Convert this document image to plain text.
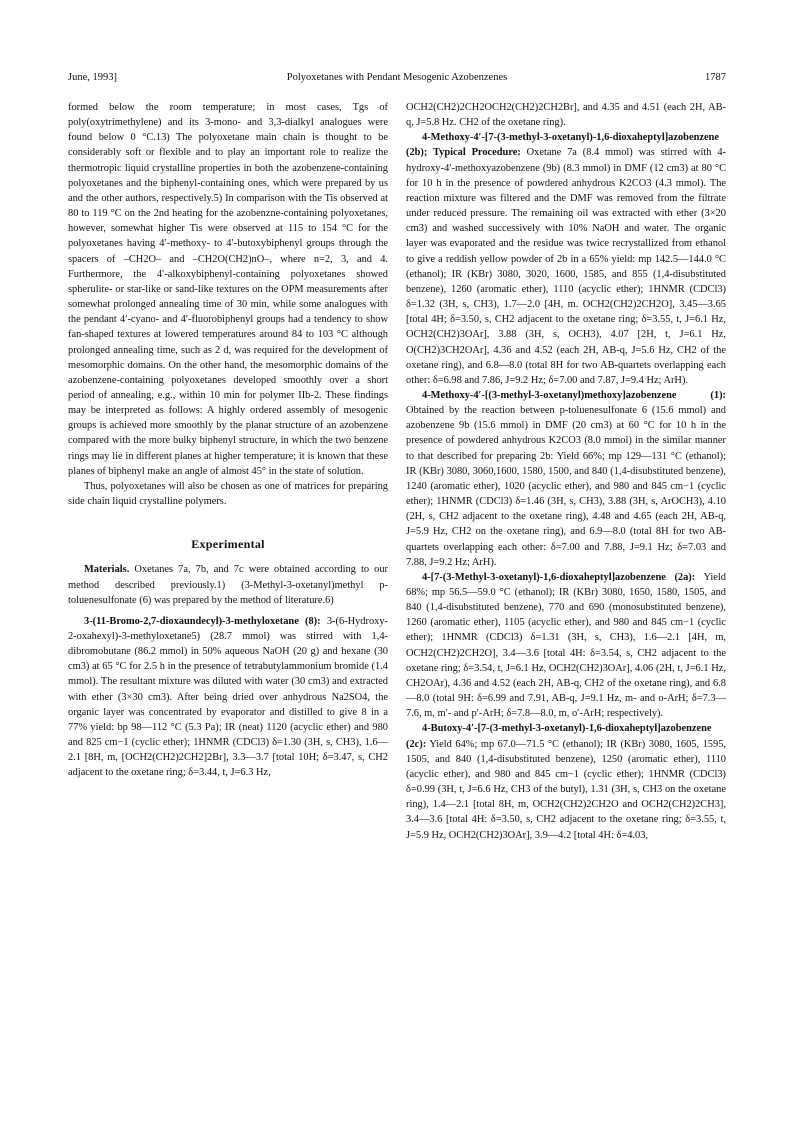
June, 1993]	Polyoxetanes with Pendant Mesogenic Azobenzenes	1787

formed below the room temperature; in most cases, Tgs of poly(oxytrimethylene) and its 3-mono- and 3,3-dialkyl analogues were found below 0 °C.13) The polyoxetane main chain is thought to be considerably soft or flexible and to play an important role to realize the thermotropic liquid crystalline properties in both the azobenzene-containing polyoxetanes and the biphenyl-containing ones, which were prepared by us and the other authors, respectively.5) In comparison with the Tis observed at 80 to 119 °C on the 2nd heating for the azobenzne-containing polyoxetanes, however, somewhat higher Tis were observed at 115 to 154 °C for the polyoxetanes having 4′-methoxy- to 4′-butoxybiphenyl groups through the spacers of –CH2O– and –CH2O(CH2)nO–, where n=2, 3, and 4. Furthermore, the 4′-alkoxybiphenyl-containing polyoxetanes showed spherulite- or star-like or sand-like textures on the OPM measurements after somewhat prolonged annealing time of 30 min, while some analogues with the pendant 4′-cyano- and 4′-fluorobiphenyl groups had a tendency to show fan-shaped textures at lowered temperatures around 84 to 103 °C although prolonged annealing time, such as 2 d, was required for the development of mesomorphic domains. On the other hand, the mesomorphic domains of the azobenzene-containing polyoxetanes developed smoothly over a short period of annealing, e.g., within 10 min for polymer IIb-2. These findings may be interpreted as follows: A highly ordered assembly of mesogenic groups is achieved more smoothly by the planar structure of an azobenzene compared with the more bulky biphenyl structure, in which the two benzene rings may lie in different planes at higher temperature; it is known that these planes of biphenyl make an angle of almost 45° in the state of solution.

Thus, polyoxetanes will also be chosen as one of matrices for preparing side chain liquid crystalline polymers.

Experimental

Materials. Oxetanes 7a, 7b, and 7c were obtained according to our method described previously.1) (3-Methyl-3-oxetanyl)methyl p-toluenesulfonate (6) was prepared by the method of literature.6)

3-(11-Bromo-2,7-dioxaundecyl)-3-methyloxetane (8): 3-(6-Hydroxy-2-oxahexyl)-3-methyloxetane5) (28.7 mmol) was stirred with 1,4-dibromobutane (86.2 mmol) in 50% aqueous NaOH (20 g) and hexane (30 cm3) at 65 °C for 2.5 h in the presence of tetrabutylammonium bromide (1.4 mmol). The resultant mixture was diluted with water (30 cm3) and extracted with ether (3×30 cm3). After being dried over anhydrous Na2SO4, the organic layer was concentrated by evaporator and distilled to give 8 in a 77% yield: bp 98—112 °C (5.3 Pa); IR (neat) 1120 (acyclic ether) and 980 and 825 cm−1 (cyclic ether); 1HNMR (CDCl3) δ=1.30 (3H, s, CH3), 1.6—2.1 [8H, m, [OCH2(CH2)2CH2]2Br], 3.3—3.7 [total 10H; δ=3.47, s, CH2 adjacent to the oxetane ring; δ=3.44, t, J=6.3 Hz,

OCH2(CH2)2CH2OCH2(CH2)2CH2Br], and 4.35 and 4.51 (each 2H, AB-q, J=5.8 Hz. CH2 of the oxetane ring).

4-Methoxy-4′-[7-(3-methyl-3-oxetanyl)-1,6-dioxaheptyl]azobenzene (2b); Typical Procedure: Oxetane 7a (8.4 mmol) was stirred with 4-hydroxy-4′-methoxyazobenzene (9b) (8.3 mmol) in DMF (12 cm3) at 80 °C for 10 h in the presence of powdered anhydrous K2CO3 (4.3 mmol). The reaction mixture was filtered and the DMF was removed from the filtrate under reduced pressure. The remaining oil was extracted with ether (3×20 cm3) and washed successively with 10% NaOH and water. The organic layer was evaporated and the residue was twice recrystallized from ethanol to give a reddish yellow powder of 2b in a 65% yield: mp 142.5—144.0 °C (ethanol); IR (KBr) 3080, 3020, 1600, 1585, and 855 (1,4-disubstituted benzene), 1260 (aromatic ether), 1110 (acyclic ether); 1HNMR (CDCl3) δ=1.32 (3H, s, CH3), 1.7—2.0 [4H, m. OCH2(CH2)2CH2O], 3.45—3.65 [total 4H; δ=3.50, s, CH2 adjacent to the oxetane ring; δ=3.55, t, J=6.1 Hz, OCH2(CH2)3OAr], 3.88 (3H, s, OCH3), 4.07 [2H, t, J=6.1 Hz, O(CH2)3CH2OAr], 4.36 and 4.52 (each 2H, AB-q, J=5.6 Hz, CH2 of the oxetane ring), and 6.8—8.0 (total 8H for two AB-quartets overlapping each other: δ=6.98 and 7.86, J=9.2 Hz; δ=7.00 and 7.87, J=9.4 Hz; ArH).

4-Methoxy-4′-[(3-methyl-3-oxetanyl)methoxy]azobenzene (1): Obtained by the reaction between p-toluenesulfonate 6 (15.6 mmol) and azobenzene 9b (15.6 mmol) in DMF (20 cm3) at 60 °C for 10 h in the presence of powdered anhydrous K2CO3 (8.0 mmol) in the similar manner to that described for preparing 2b: Yield 66%; mp 129—131 °C (ethanol); IR (KBr) 3080, 3060,1600, 1580, 1500, and 840 (1,4-disubstituted benzene), 1240 (aromatic ether), 1020 (acyclic ether), and 980 and 845 cm−1 (cyclic ether); 1HNMR (CDCl3) δ=1.46 (3H, s, CH3), 3.88 (3H, s, ArOCH3), 4.10 (2H, s, CH2 adjacent to the oxetane ring), 4.48 and 4.65 (each 2H, AB-q, J=5.9 Hz, CH2 on the oxetane ring), and 6.9—8.0 (total 8H for two AB-quartets overlapping each other: δ=7.00 and 7.88, J=9.1 Hz; δ=7.03 and 7.88, J=9.2 Hz; ArH).

4-[7-(3-Methyl-3-oxetanyl)-1,6-dioxaheptyl]azobenzene (2a): Yield 68%; mp 56.5—59.0 °C (ethanol); IR (KBr) 3080, 1650, 1580, 1505, and 840 (1,4-disubstituted benzene), 770 and 690 (monosubstituted benzene), 1260 (aromatic ether), 1105 (acyclic ether), and 980 and 845 cm−1 (cyclic ether); 1HNMR (CDCl3) δ=1.31 (3H, s, CH3), 1.6—2.1 [4H, m, OCH2(CH2)2CH2O], 3.4—3.6 [total 4H: δ=3.54, s, CH2 adjacent to the oxetane ring; δ=3.54, t, J=6.1 Hz, OCH2(CH2)3OAr], 4.06 (2H, t, J=6.1 Hz, CH2OAr), 4.36 and 4.52 (each 2H, AB-q, CH2 of the oxetane ring), and 6.8—8.0 (total 9H: δ=6.99 and 7.91, AB-q, J=9.1 Hz, m- and o-ArH; δ=7.3—7.6, m, m′- and p′-ArH; δ=7.8—8.0, m, o′-ArH; respectively).

4-Butoxy-4′-[7-(3-methyl-3-oxetanyl)-1,6-dioxaheptyl]azobenzene (2c): Yield 64%; mp 67.0—71.5 °C (ethanol); IR (KBr) 3080, 1605, 1595, 1505, and 840 (1,4-disubstituted benzene), 1250 (aromatic ether), 1110 (acyclic ether), and 980 and 845 cm−1 (cyclic ether); 1HNMR (CDCl3) δ=0.99 (3H, t, J=6.6 Hz, CH3 of the butyl), 1.31 (3H, s, CH3 on the oxetane ring), 1.4—2.1 [total 8H, m, OCH2(CH2)2CH2O and OCH2(CH2)2CH3], 3.4—3.6 [total 4H: δ=3.50, s, CH2 adjacent to the oxetane ring; δ=3.55, t, J=5.9 Hz, OCH2(CH2)3OAr], 3.9—4.2 [total 4H: δ=4.03,
